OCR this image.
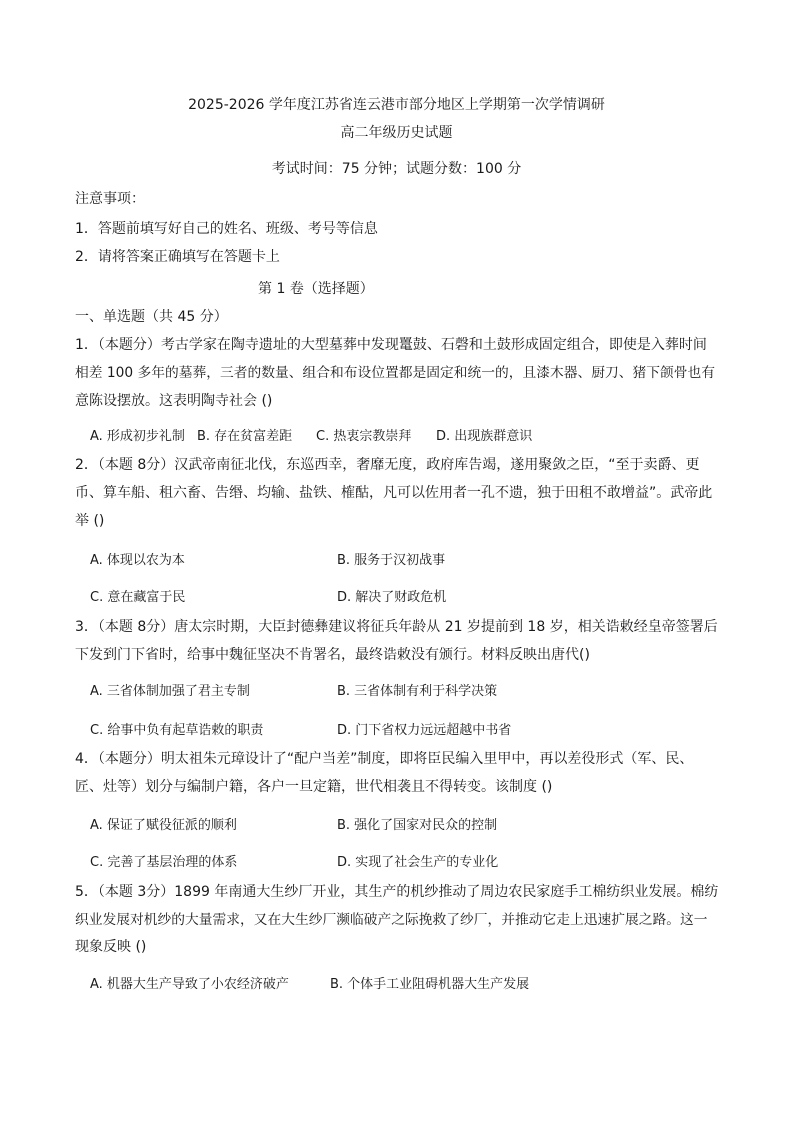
2025-2026 学年度江苏省连云港市部分地区上学期第一次学情调研
高二年级历史试题
考试时间：75 分钟；试题分数：100 分
注意事项：
1．答题前填写好自己的姓名、班级、考号等信息
2．请将答案正确填写在答题卡上
第 1 卷（选择题）
一、单选题（共 45 分）
1．（本题分）考古学家在陶寺遗址的大型墓葬中发现鼍鼓、石磬和土鼓形成固定组合，即使是入葬时间
相差 100 多年的墓葬，三者的数量、组合和布设位置都是固定和统一的，且漆木器、厨刀、猪下颌骨也有
意陈设摆放。这表明陶寺社会 ()
A. 形成初步礼制 B. 存在贫富差距 C. 热衷宗教崇拜 D. 出现族群意识
2．（本题 8分）汉武帝南征北伐，东巡西幸，奢靡无度，政府库告竭，遂用聚敛之臣，“至于卖爵、更
币、算车船、租六畜、告缗、均输、盐铁、榷酤，凡可以佐用者一孔不遗，独于田租不敢增益”。武帝此
举 ()
A. 体现以农为本	B. 服务于汉初战事
C. 意在藏富于民	D. 解决了财政危机
3．（本题 8分）唐太宗时期，大臣封德彝建议将征兵年龄从 21 岁提前到 18 岁，相关诰敕经皇帝签署后
下发到门下省时，给事中魏征坚决不肯署名，最终诰敕没有颁行。材料反映出唐代()
A. 三省体制加强了君主专制	B. 三省体制有利于科学决策
C. 给事中负有起草诰敕的职责	D. 门下省权力远远超越中书省
4．（本题分）明太祖朱元璋设计了“配户当差”制度，即将臣民编入里甲中，再以差役形式（军、民、
匠、灶等）划分与编制户籍，各户一旦定籍，世代相袭且不得转变。该制度 ()
A. 保证了赋役征派的顺利	B. 强化了国家对民众的控制
C. 完善了基层治理的体系	D. 实现了社会生产的专业化
5．（本题 3分）1899 年南通大生纱厂开业，其生产的机纱推动了周边农民家庭手工棉纺织业发展。棉纺
织业发展对机纱的大量需求，又在大生纱厂濒临破产之际挽救了纱厂，并推动它走上迅速扩展之路。这一
现象反映 ()
A. 机器大生产导致了小农经济破产	B. 个体手工业阻碍机器大生产发展
